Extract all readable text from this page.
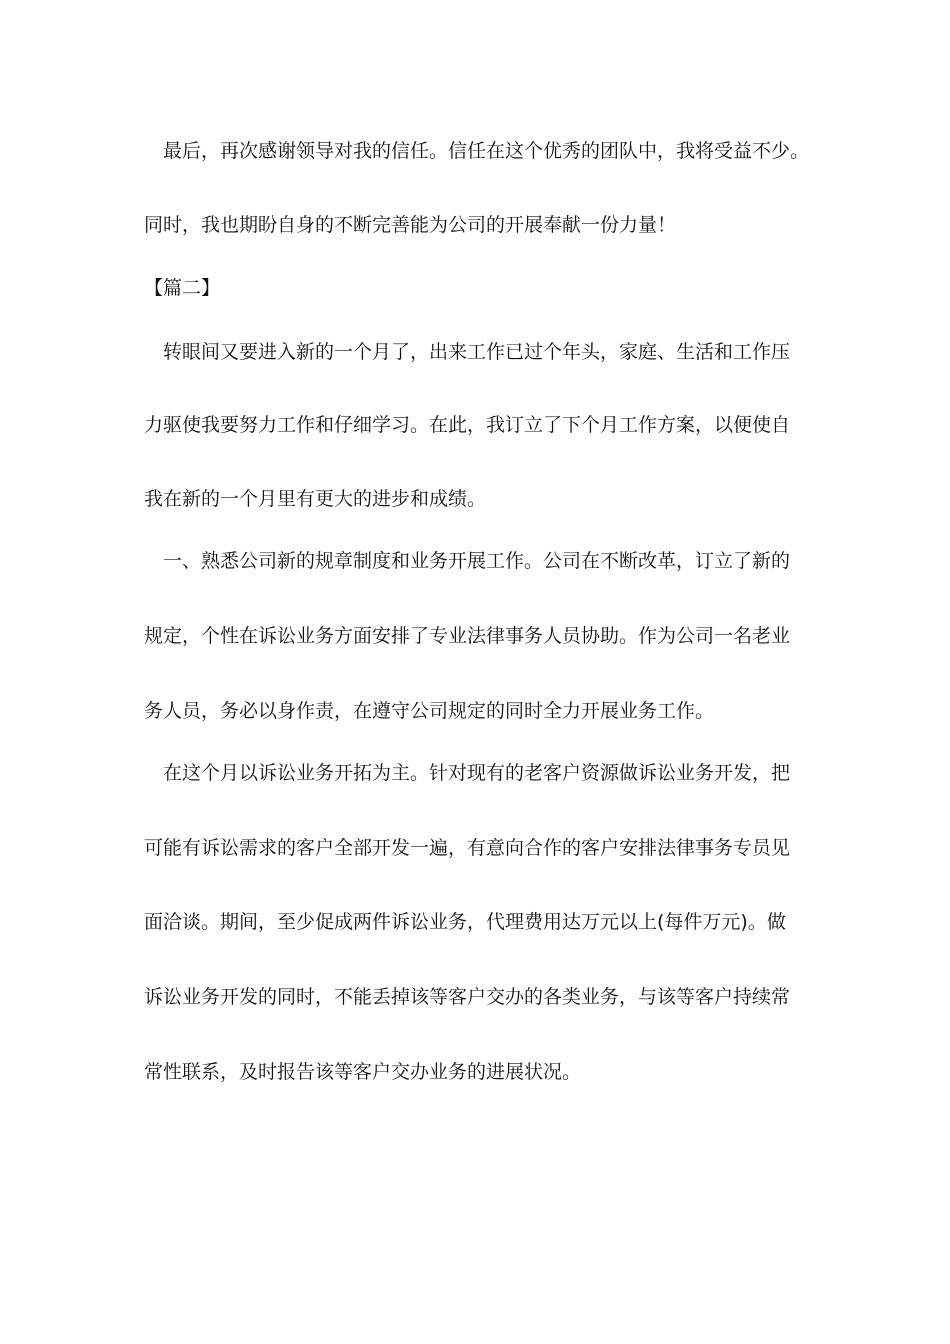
最后，再次感谢领导对我的信任。信任在这个优秀的团队中，我将受益不少。
同时，我也期盼自身的不断完善能为公司的开展奉献一份力量！
【篇二】
转眼间又要进入新的一个月了，出来工作已过个年头，家庭、生活和工作压
力驱使我要努力工作和仔细学习。在此，我订立了下个月工作方案，以便使自
我在新的一个月里有更大的进步和成绩。
一、熟悉公司新的规章制度和业务开展工作。公司在不断改革，订立了新的
规定，个性在诉讼业务方面安排了专业法律事务人员协助。作为公司一名老业
务人员，务必以身作责，在遵守公司规定的同时全力开展业务工作。
在这个月以诉讼业务开拓为主。针对现有的老客户资源做诉讼业务开发，把
可能有诉讼需求的客户全部开发一遍，有意向合作的客户安排法律事务专员见
面洽谈。期间，至少促成两件诉讼业务，代理费用达万元以上(每件万元)。做
诉讼业务开发的同时，不能丢掉该等客户交办的各类业务，与该等客户持续常
常性联系，及时报告该等客户交办业务的进展状况。
